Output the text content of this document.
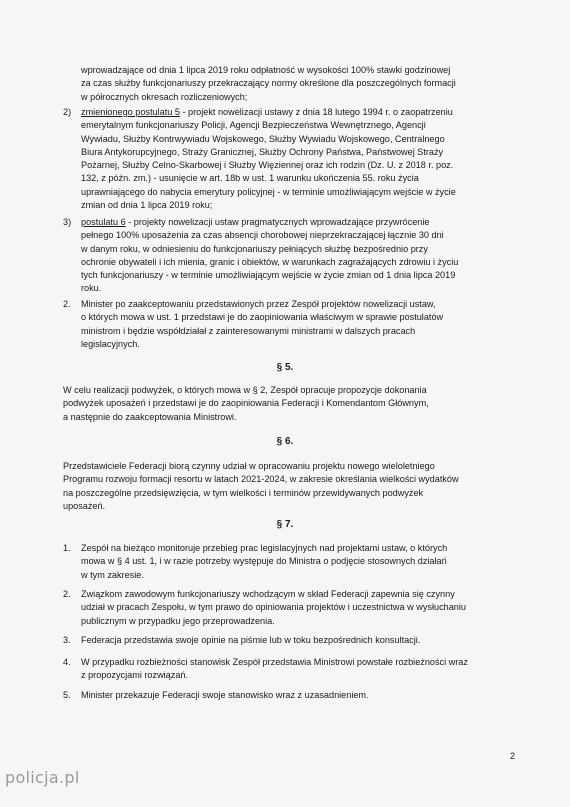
wprowadzające od dnia 1 lipca 2019 roku odpłatność w wysokości 100% stawki godzinowej
za czas służby funkcjonariuszy przekraczający normy określone dla poszczególnych formacji
w półrocznych okresach rozliczeniowych;
2) zmienionego postulatu 5 - projekt nowelizacji ustawy z dnia 18 lutego 1994 r. o zaopatrzeniu
emerytalnym funkcjonariuszy Policji, Agencji Bezpieczeństwa Wewnętrznego, Agencji
Wywiadu, Służby Kontrwywiadu Wojskowego, Służby Wywiadu Wojskowego, Centralnego
Biura Antykorupcyjnego, Straży Granicznej, Służby Ochrony Państwa, Państwowej Straży
Pożarnej, Służby Celno-Skarbowej i Służby Więziennej oraz ich rodzin (Dz. U. z 2018 r. poz.
132, z późn. zm.) - usunięcie w art. 18b w ust. 1 warunku ukończenia 55. roku życia
uprawniającego do nabycia emerytury policyjnej - w terminie umożliwiającym wejście w życie
zmian od dnia 1 lipca 2019 roku;
3) postulatu 6 - projekty nowelizacji ustaw pragmatycznych wprowadzające przywrócenie
pełnego 100% uposażenia za czas absencji chorobowej nieprzekraczającej łącznie 30 dni
w danym roku, w odniesieniu do funkcjonariuszy pełniących służbę bezpośrednio przy
ochronie obywateli i ich mienia, granic i obiektów, w warunkach zagrażających zdrowiu i życiu
tych funkcjonariuszy - w terminie umożliwiającym wejście w życie zmian od 1 dnia lipca 2019
roku.
2. Minister po zaakceptowaniu przedstawionych przez Zespół projektów nowelizacji ustaw,
o których mowa w ust. 1 przedstawi je do zaopiniowania właściwym w sprawie postulatów
ministrom i będzie współdziałał z zainteresowanymi ministrami w dalszych pracach
legislacyjnych.
§ 5.
W celu realizacji podwyżek, o których mowa w § 2, Zespół opracuje propozycje dokonania
podwyżek uposażeń i przedstawi je do zaopiniowania Federacji i Komendantom Głównym,
a następnie do zaakceptowania Ministrowi.
§ 6.
Przedstawiciele Federacji biorą czynny udział w opracowaniu projektu nowego wieloletniego
Programu rozwoju formacji resortu w latach 2021-2024, w zakresie określania wielkości wydatków
na poszczególne przedsięwzięcia, w tym wielkości i terminów przewidywanych podwyżek
uposażeń.
§ 7.
1. Zespół na bieżąco monitoruje przebieg prac legislacyjnych nad projektami ustaw, o których
mowa w § 4 ust. 1, i w razie potrzeby występuje do Ministra o podjęcie stosownych działań
w tym zakresie.
2. Związkom zawodowym funkcjonariuszy wchodzącym w skład Federacji zapewnia się czynny
udział w pracach Zespołu, w tym prawo do opiniowania projektów i uczestnictwa w wysłuchaniu
publicznym w przypadku jego przeprowadzenia.
3. Federacja przedstawia swoje opinie na piśmie lub w toku bezpośrednich konsultacji.
4. W przypadku rozbieżności stanowisk Zespół przedstawia Ministrowi powstałe rozbieżności wraz
z propozycjami rozwiązań.
5. Minister przekazuje Federacji swoje stanowisko wraz z uzasadnieniem.
2
policja.pl
